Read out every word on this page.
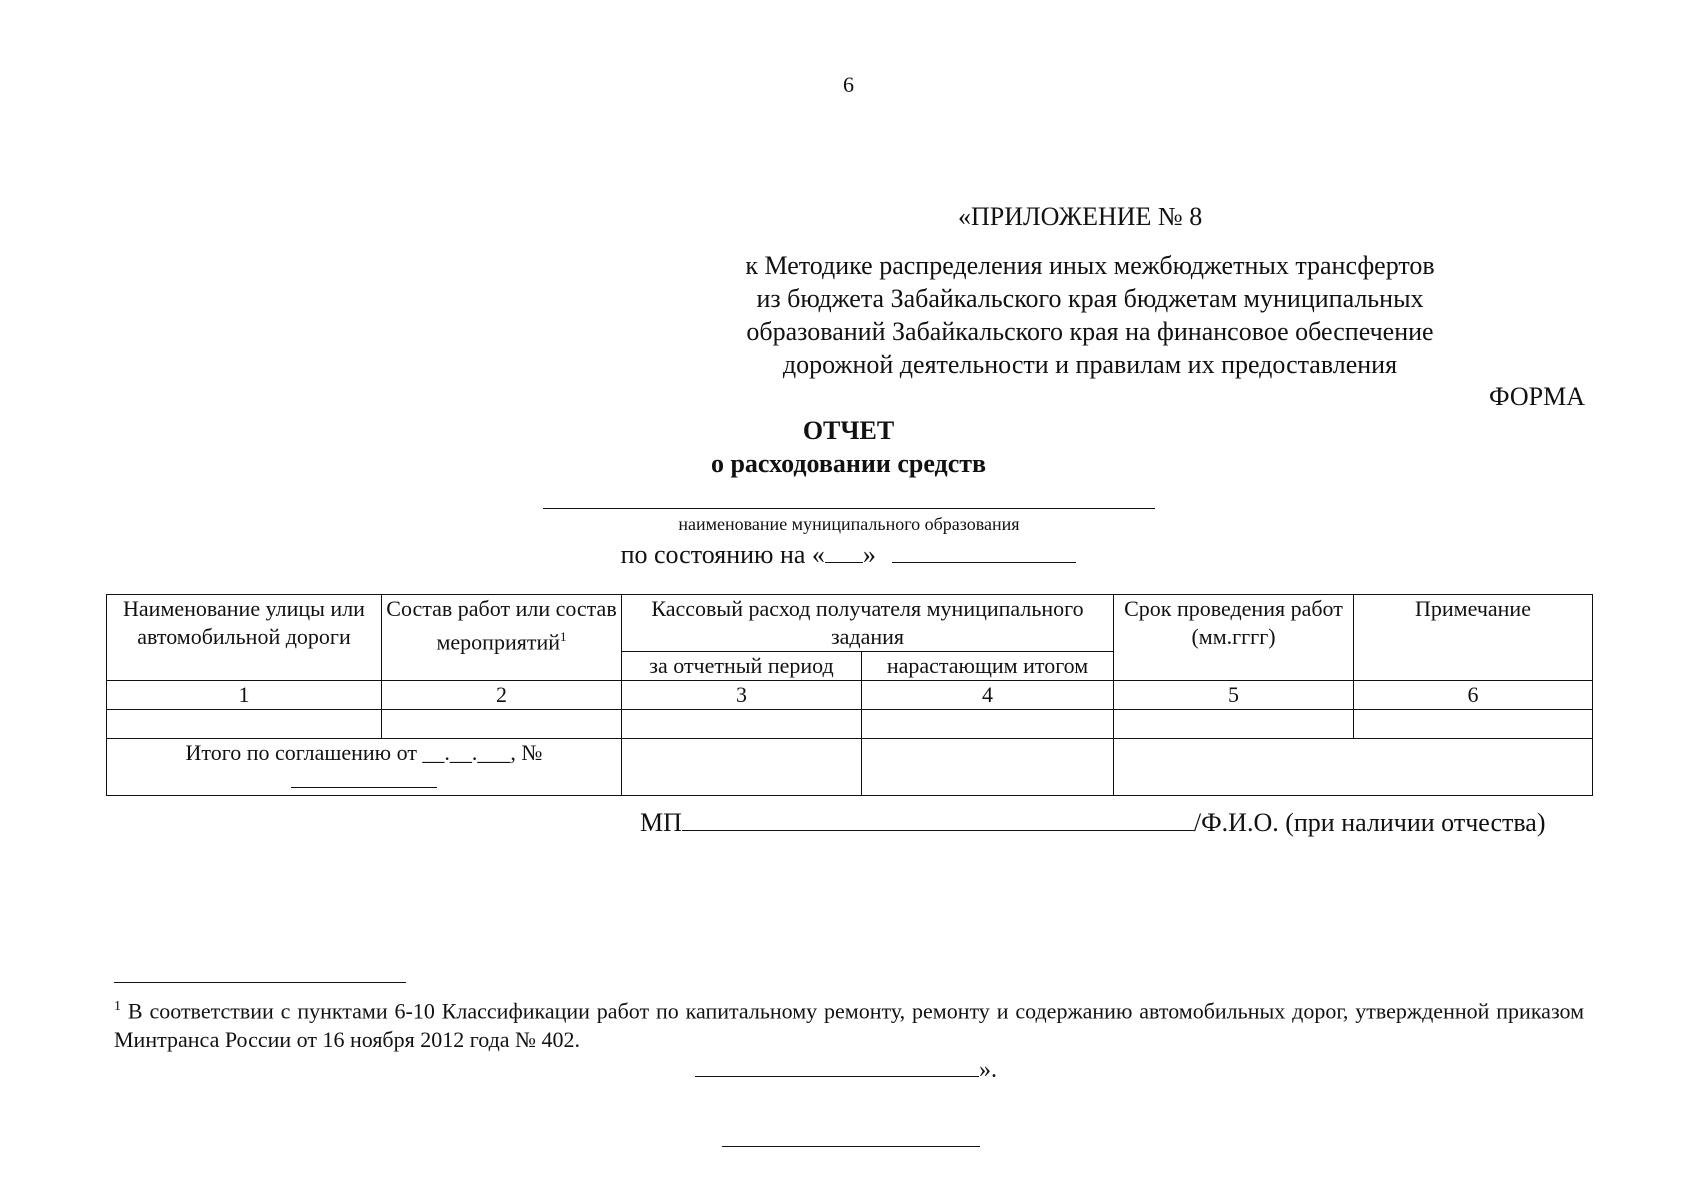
6
«ПРИЛОЖЕНИЕ № 8
к Методике распределения иных межбюджетных трансфертов
из бюджета Забайкальского края бюджетам муниципальных
образований Забайкальского края на финансовое обеспечение
дорожной деятельности и правилам их предоставления
ФОРМА
ОТЧЕТ
о расходовании средств
наименование муниципального образования
по состоянию на « »
Наименование улицы или автомобильной дороги	Состав работ или состав мероприятий$^1$	Кассовый расход получателя муниципального задания		Срок проведения работ (мм.гггг)	Примечание
		за отчетный период	нарастающим итогом		
1	2	3	4	5	6

Итого по соглашению от __.__.___, №					

МП	/Ф.И.О. (при наличии отчества)
$^1$ В соответствии с пунктами 6-10 Классификации работ по капитальному ремонту, ремонту и содержанию автомобильных дорог, утвержденной приказом Минтранса России от 16 ноября 2012 года № 402.
».
